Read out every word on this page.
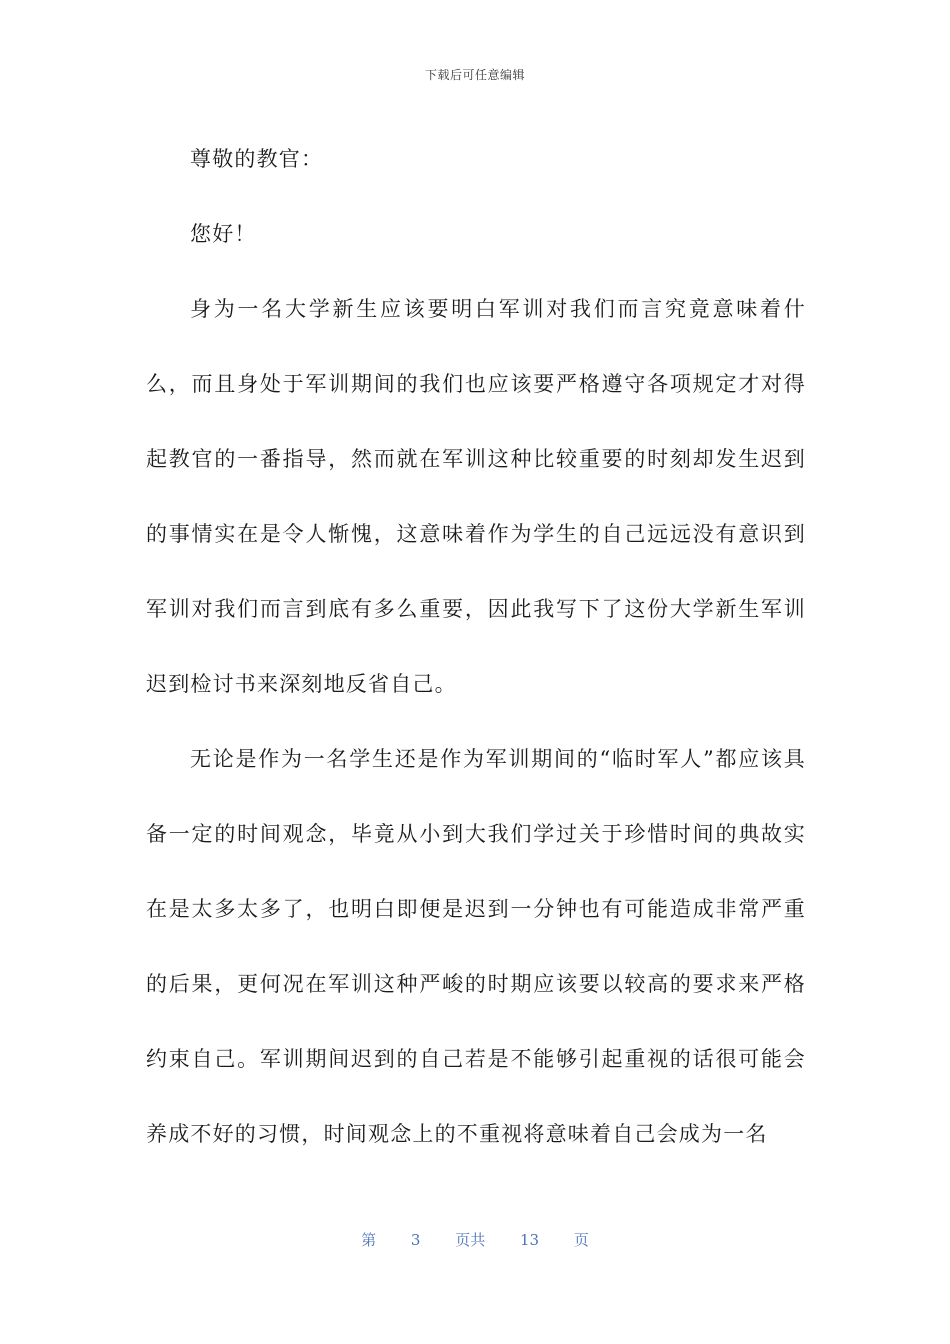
下载后可任意编辑

尊敬的教官：

您好！

身为一名大学新生应该要明白军训对我们而言究竟意味着什么，而且身处于军训期间的我们也应该要严格遵守各项规定才对得起教官的一番指导，然而就在军训这种比较重要的时刻却发生迟到的事情实在是令人惭愧，这意味着作为学生的自己远远没有意识到军训对我们而言到底有多么重要，因此我写下了这份大学新生军训迟到检讨书来深刻地反省自己。

无论是作为一名学生还是作为军训期间的“临时军人”都应该具备一定的时间观念，毕竟从小到大我们学过关于珍惜时间的典故实在是太多太多了，也明白即便是迟到一分钟也有可能造成非常严重的后果，更何况在军训这种严峻的时期应该要以较高的要求来严格约束自己。军训期间迟到的自己若是不能够引起重视的话很可能会养成不好的习惯，时间观念上的不重视将意味着自己会成为一名

第 3 页共 13 页
